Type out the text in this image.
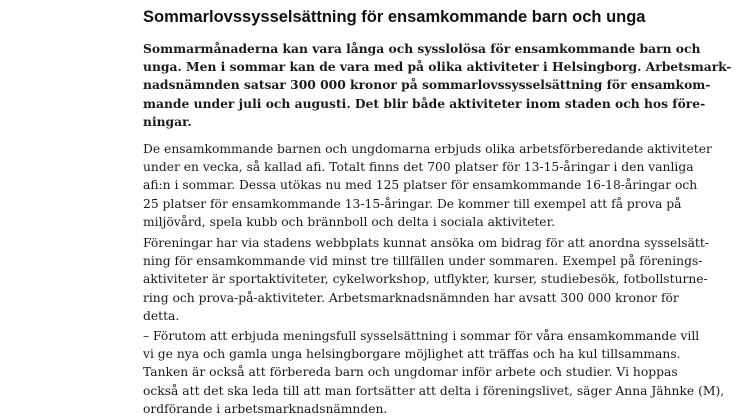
Sommarlovssysselsättning för ensamkommande barn och unga

Sommarmånaderna kan vara långa och sysslolösa för ensamkommande barn och
unga. Men i sommar kan de vara med på olika aktiviteter i Helsingborg. Arbetsmark-
nadsnämnden satsar 300 000 kronor på sommarlovssysselsättning för ensamkom-
mande under juli och augusti. Det blir både aktiviteter inom staden och hos före-
ningar.

De ensamkommande barnen och ungdomarna erbjuds olika arbetsförberedande aktiviteter
under en vecka, så kallad afi. Totalt finns det 700 platser för 13-15-åringar i den vanliga
afi:n i sommar. Dessa utökas nu med 125 platser för ensamkommande 16-18-åringar och
25 platser för ensamkommande 13-15-åringar. De kommer till exempel att få prova på
miljövård, spela kubb och brännboll och delta i sociala aktiviteter.

Föreningar har via stadens webbplats kunnat ansöka om bidrag för att anordna sysselsätt-
ning för ensamkommande vid minst tre tillfällen under sommaren. Exempel på förenings-
aktiviteter är sportaktiviteter, cykelworkshop, utflykter, kurser, studiebesök, fotbollsturne-
ring och prova-på-aktiviteter. Arbetsmarknadsnämnden har avsatt 300 000 kronor för
detta.

– Förutom att erbjuda meningsfull sysselsättning i sommar för våra ensamkommande vill
vi ge nya och gamla unga helsingborgare möjlighet att träffas och ha kul tillsammans.
Tanken är också att förbereda barn och ungdomar inför arbete och studier. Vi hoppas
också att det ska leda till att man fortsätter att delta i föreningslivet, säger Anna Jähnke (M),
ordförande i arbetsmarknadsnämnden.
